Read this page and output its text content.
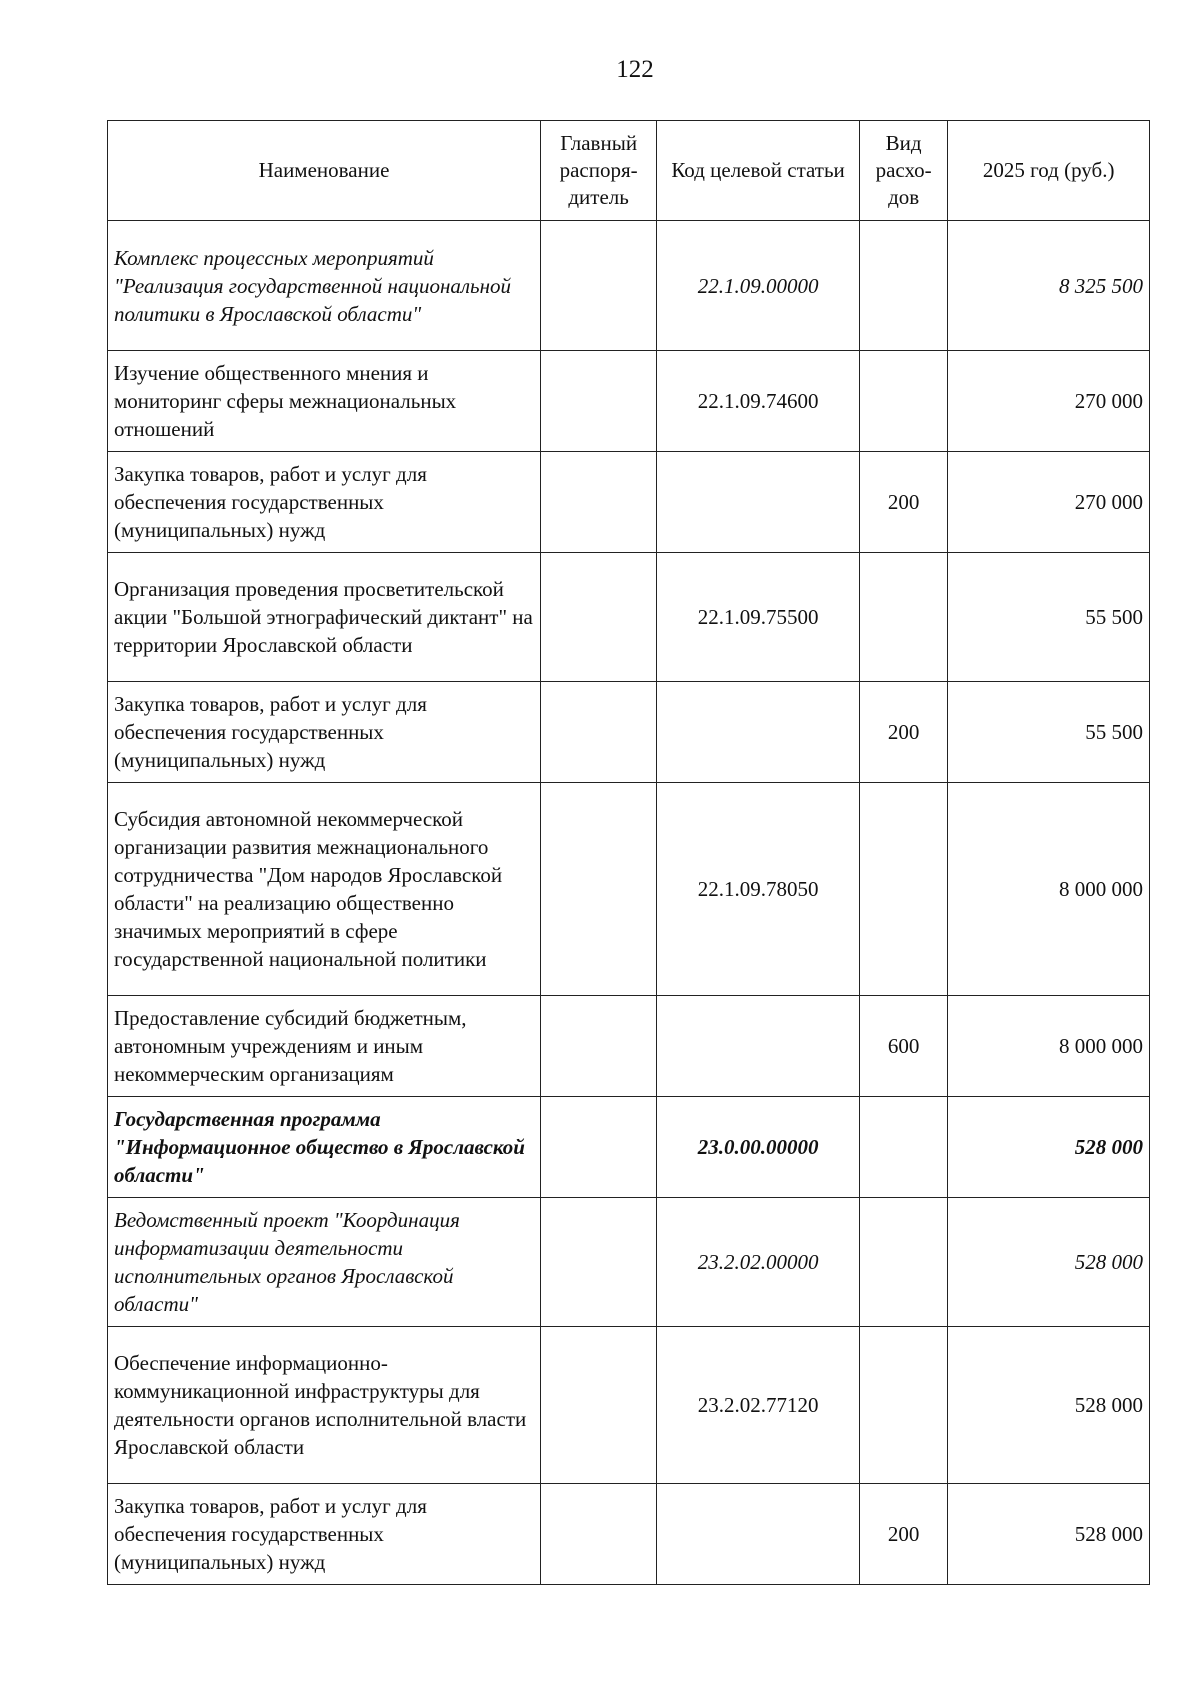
122
Наименование	Главный распоря-дитель	Код целевой статьи	Вид расхо-дов	2025 год (руб.)
Комплекс процессных мероприятий "Реализация государственной национальной политики в Ярославской области"		22.1.09.00000		8 325 500
Изучение общественного мнения и мониторинг сферы межнациональных отношений		22.1.09.74600		270 000
Закупка товаров, работ и услуг для обеспечения государственных (муниципальных) нужд			200	270 000
Организация проведения просветительской акции "Большой этнографический диктант" на территории Ярославской области		22.1.09.75500		55 500
Закупка товаров, работ и услуг для обеспечения государственных (муниципальных) нужд			200	55 500
Субсидия автономной некоммерческой организации развития межнационального сотрудничества "Дом народов Ярославской области" на реализацию общественно значимых мероприятий в сфере государственной национальной политики		22.1.09.78050		8 000 000
Предоставление субсидий бюджетным, автономным учреждениям и иным некоммерческим организациям			600	8 000 000
Государственная программа "Информационное общество в Ярославской области"		23.0.00.00000		528 000
Ведомственный проект "Координация информатизации деятельности исполнительных органов Ярославской области"		23.2.02.00000		528 000
Обеспечение информационно-коммуникационной инфраструктуры для деятельности органов исполнительной власти Ярославской области		23.2.02.77120		528 000
Закупка товаров, работ и услуг для обеспечения государственных (муниципальных) нужд			200	528 000
